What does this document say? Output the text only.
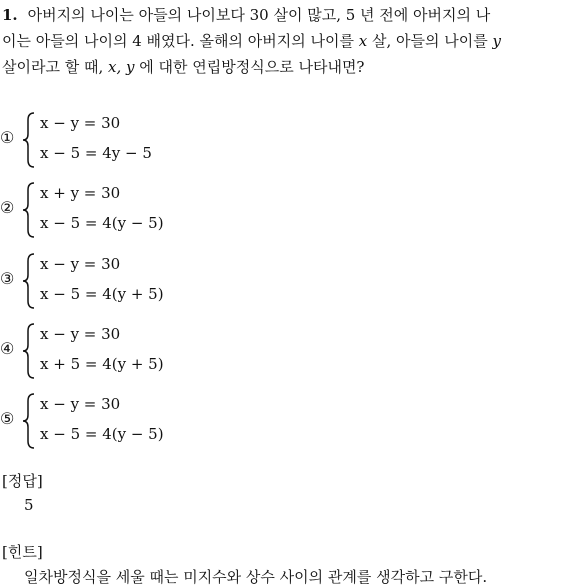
1. 아버지의 나이는 아들의 나이보다 30 살이 많고, 5 년 전에 아버지의 나
이는 아들의 나이의 4 배였다. 올해의 아버지의 나이를 x 살, 아들의 나이를 y
살이라고 할 때, x, y 에 대한 연립방정식으로 나타내면?
①
x − y = 30
x − 5 = 4y − 5
②
x + y = 30
x − 5 = 4(y − 5)
③
x − y = 30
x − 5 = 4(y + 5)
④
x − y = 30
x + 5 = 4(y + 5)
⑤
x − y = 30
x − 5 = 4(y − 5)
[정답]
5
[힌트]
일차방정식을 세울 때는 미지수와 상수 사이의 관계를 생각하고 구한다.
